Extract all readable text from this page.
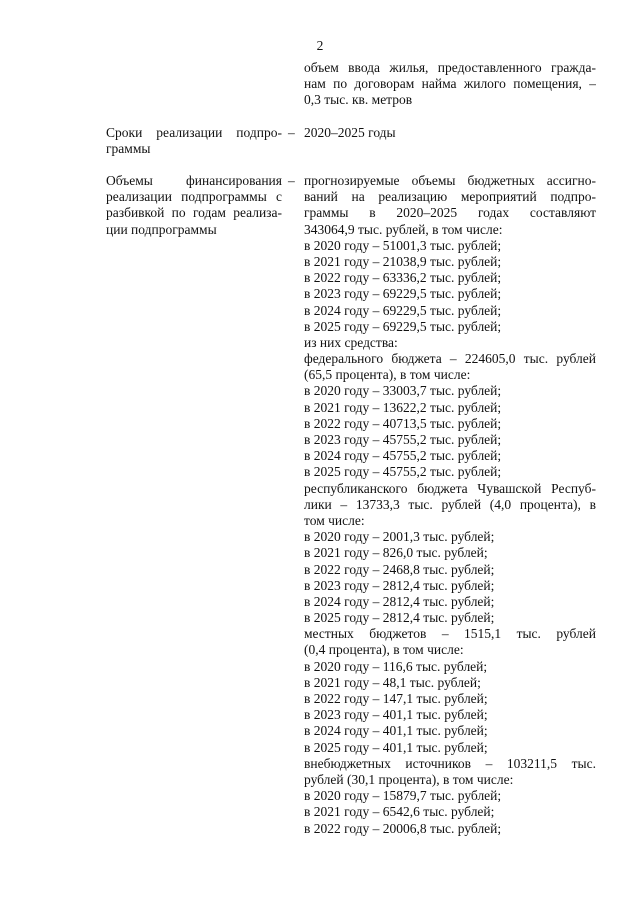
2
объем ввода жилья, предоставленного гражда-
нам по договорам найма жилого помещения, –
0,3 тыс. кв. метров
Сроки реализации подпро-
граммы
– 2020–2025 годы
Объемы финансирования
реализации подпрограммы с
разбивкой по годам реализа-
ции подпрограммы
– прогнозируемые объемы бюджетных ассигно-
ваний на реализацию мероприятий подпро-
граммы в 2020–2025 годах составляют
343064,9 тыс. рублей, в том числе:
в 2020 году – 51001,3 тыс. рублей;
в 2021 году – 21038,9 тыс. рублей;
в 2022 году – 63336,2 тыс. рублей;
в 2023 году – 69229,5 тыс. рублей;
в 2024 году – 69229,5 тыс. рублей;
в 2025 году – 69229,5 тыс. рублей;
из них средства:
федерального бюджета – 224605,0 тыс. рублей
(65,5 процента), в том числе:
в 2020 году – 33003,7 тыс. рублей;
в 2021 году – 13622,2 тыс. рублей;
в 2022 году – 40713,5 тыс. рублей;
в 2023 году – 45755,2 тыс. рублей;
в 2024 году – 45755,2 тыс. рублей;
в 2025 году – 45755,2 тыс. рублей;
республиканского бюджета Чувашской Респуб-
лики – 13733,3 тыс. рублей (4,0 процента), в
том числе:
в 2020 году – 2001,3 тыс. рублей;
в 2021 году – 826,0 тыс. рублей;
в 2022 году – 2468,8 тыс. рублей;
в 2023 году – 2812,4 тыс. рублей;
в 2024 году – 2812,4 тыс. рублей;
в 2025 году – 2812,4 тыс. рублей;
местных бюджетов – 1515,1 тыс. рублей
(0,4 процента), в том числе:
в 2020 году – 116,6 тыс. рублей;
в 2021 году – 48,1 тыс. рублей;
в 2022 году – 147,1 тыс. рублей;
в 2023 году – 401,1 тыс. рублей;
в 2024 году – 401,1 тыс. рублей;
в 2025 году – 401,1 тыс. рублей;
внебюджетных источников – 103211,5 тыс.
рублей (30,1 процента), в том числе:
в 2020 году – 15879,7 тыс. рублей;
в 2021 году – 6542,6 тыс. рублей;
в 2022 году – 20006,8 тыс. рублей;
